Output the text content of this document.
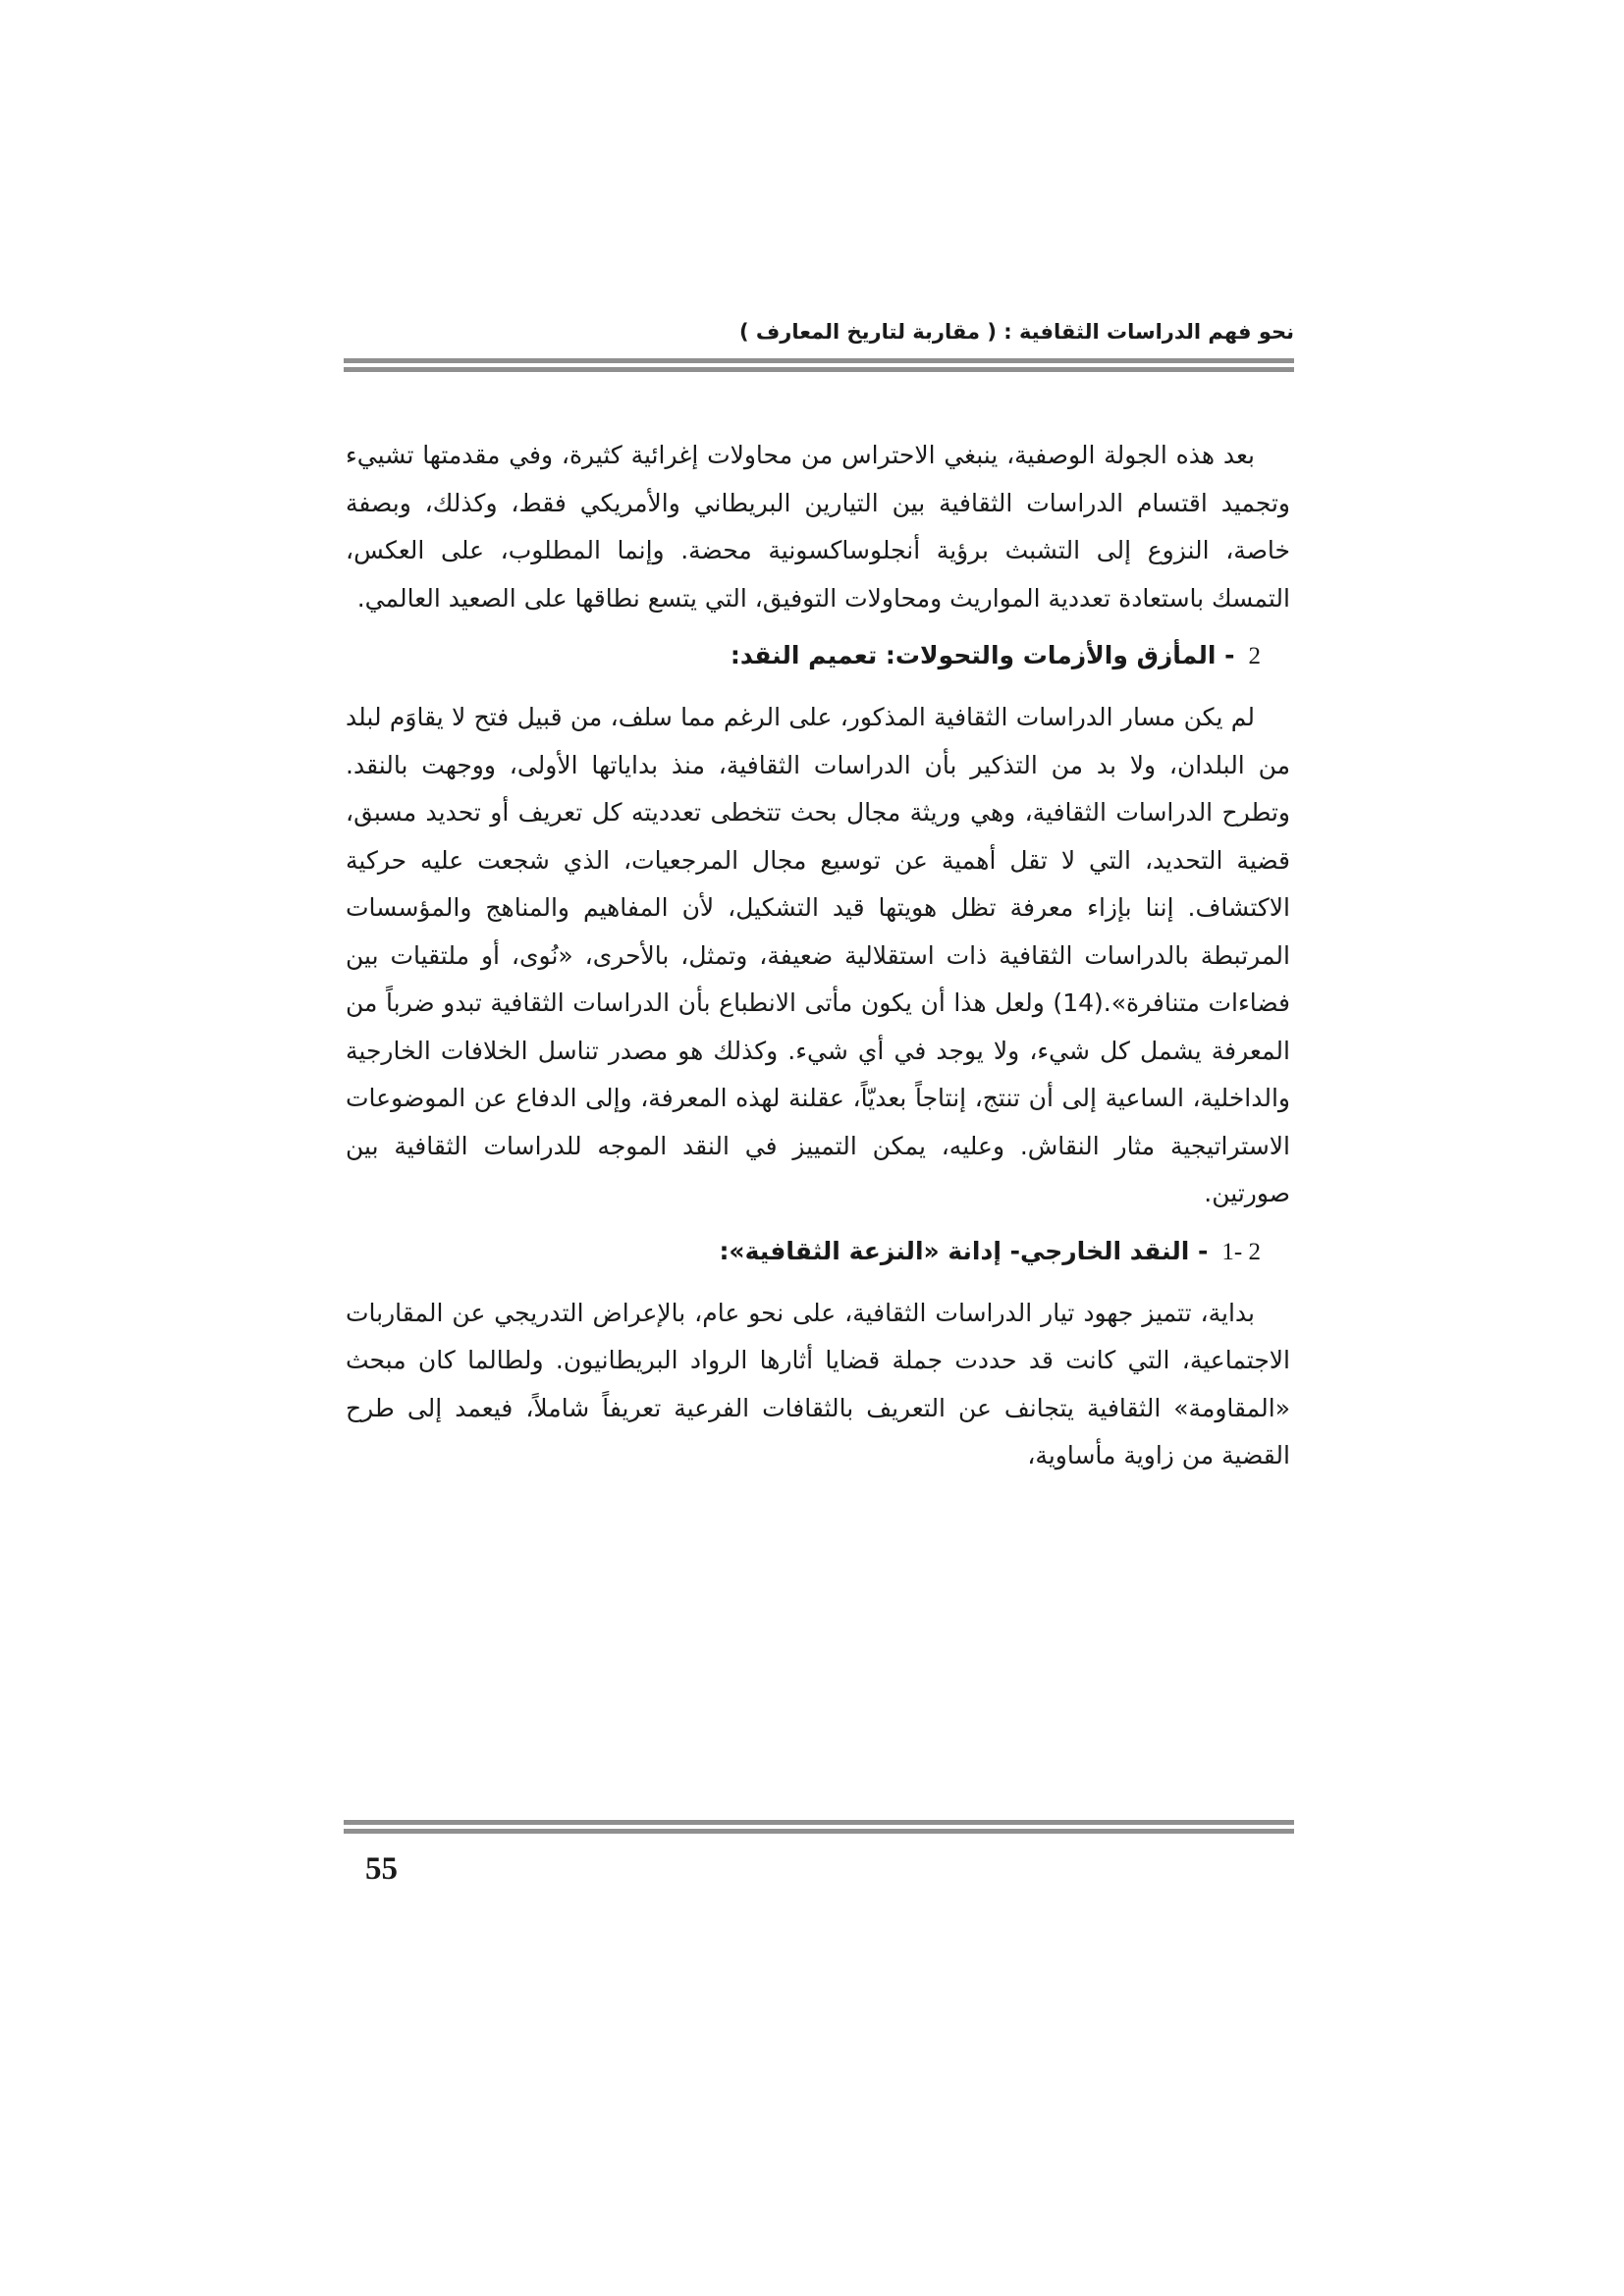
نحو فهم الدراسات الثقافية : ( مقاربة لتاريخ المعارف )

بعد هذه الجولة الوصفية، ينبغي الاحتراس من محاولات إغرائية كثيرة، وفي مقدمتها تشييء وتجميد اقتسام الدراسات الثقافية بين التيارين البريطاني والأمريكي فقط، وكذلك، وبصفة خاصة، النزوع إلى التشبث برؤية أنجلوساكسونية محضة. وإنما المطلوب، على العكس، التمسك باستعادة تعددية المواريث ومحاولات التوفيق، التي يتسع نطاقها على الصعيد العالمي.

2- المأزق والأزمات والتحولات: تعميم النقد:

لم يكن مسار الدراسات الثقافية المذكور، على الرغم مما سلف، من قبيل فتح لا يقاوَم لبلد من البلدان، ولا بد من التذكير بأن الدراسات الثقافية، منذ بداياتها الأولى، ووجهت بالنقد. وتطرح الدراسات الثقافية، وهي وريثة مجال بحث تتخطى تعدديته كل تعريف أو تحديد مسبق، قضية التحديد، التي لا تقل أهمية عن توسيع مجال المرجعيات، الذي شجعت عليه حركية الاكتشاف. إننا بإزاء معرفة تظل هويتها قيد التشكيل، لأن المفاهيم والمناهج والمؤسسات المرتبطة بالدراسات الثقافية ذات استقلالية ضعيفة، وتمثل، بالأحرى، «نُوى، أو ملتقيات بين فضاءات متنافرة».(14) ولعل هذا أن يكون مأتى الانطباع بأن الدراسات الثقافية تبدو ضرباً من المعرفة يشمل كل شيء، ولا يوجد في أي شيء. وكذلك هو مصدر تناسل الخلافات الخارجية والداخلية، الساعية إلى أن تنتج، إنتاجاً بعديّاً، عقلنة لهذه المعرفة، وإلى الدفاع عن الموضوعات الاستراتيجية مثار النقاش. وعليه، يمكن التمييز في النقد الموجه للدراسات الثقافية بين صورتين.

2 -1- النقد الخارجي- إدانة «النزعة الثقافية»:

بداية، تتميز جهود تيار الدراسات الثقافية، على نحو عام، بالإعراض التدريجي عن المقاربات الاجتماعية، التي كانت قد حددت جملة قضايا أثارها الرواد البريطانيون. ولطالما كان مبحث «المقاومة» الثقافية يتجانف عن التعريف بالثقافات الفرعية تعريفاً شاملاً، فيعمد إلى طرح القضية من زاوية مأساوية،

55
